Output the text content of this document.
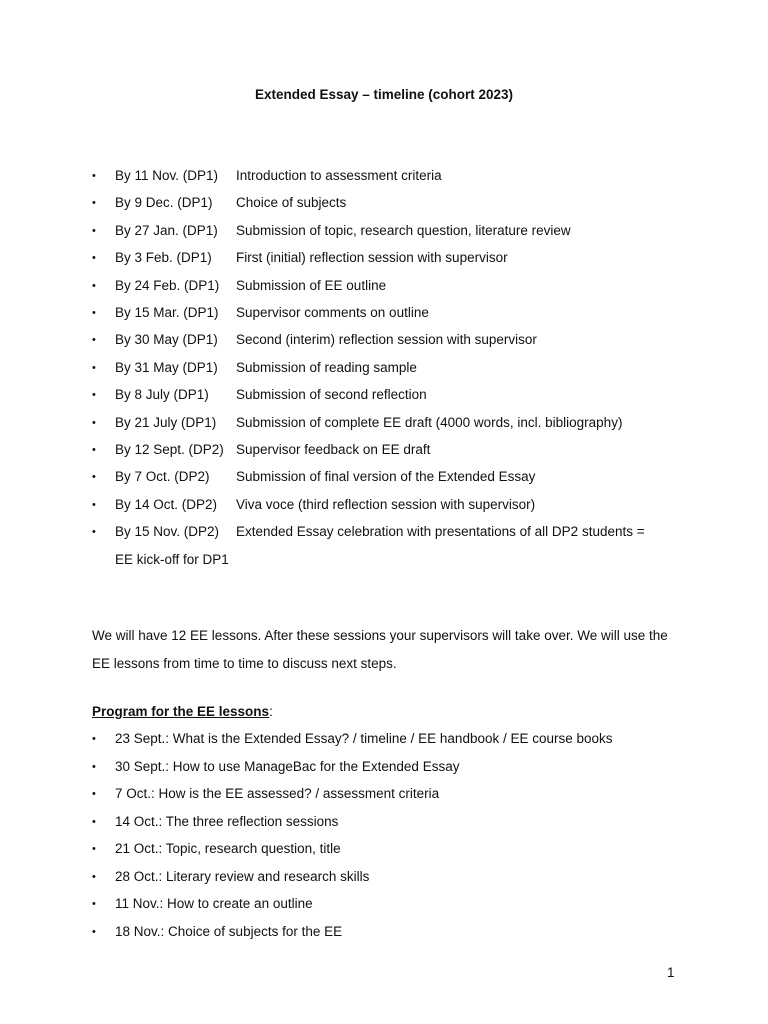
Extended Essay – timeline (cohort 2023)
• By 11 Nov. (DP1) Introduction to assessment criteria
• By 9 Dec. (DP1) Choice of subjects
• By 27 Jan. (DP1) Submission of topic, research question, literature review
• By 3 Feb. (DP1) First (initial) reflection session with supervisor
• By 24 Feb. (DP1) Submission of EE outline
• By 15 Mar. (DP1) Supervisor comments on outline
• By 30 May (DP1) Second (interim) reflection session with supervisor
• By 31 May (DP1) Submission of reading sample
• By 8 July (DP1) Submission of second reflection
• By 21 July (DP1) Submission of complete EE draft (4000 words, incl. bibliography)
• By 12 Sept. (DP2) Supervisor feedback on EE draft
• By 7 Oct. (DP2) Submission of final version of the Extended Essay
• By 14 Oct. (DP2) Viva voce (third reflection session with supervisor)
• By 15 Nov. (DP2) Extended Essay celebration with presentations of all DP2 students =
EE kick-off for DP1
We will have 12 EE lessons. After these sessions your supervisors will take over. We will use the EE lessons from time to time to discuss next steps.
Program for the EE lessons:
• 23 Sept.: What is the Extended Essay? / timeline / EE handbook / EE course books
• 30 Sept.: How to use ManageBac for the Extended Essay
• 7 Oct.: How is the EE assessed? / assessment criteria
• 14 Oct.: The three reflection sessions
• 21 Oct.: Topic, research question, title
• 28 Oct.: Literary review and research skills
• 11 Nov.: How to create an outline
• 18 Nov.: Choice of subjects for the EE
1
